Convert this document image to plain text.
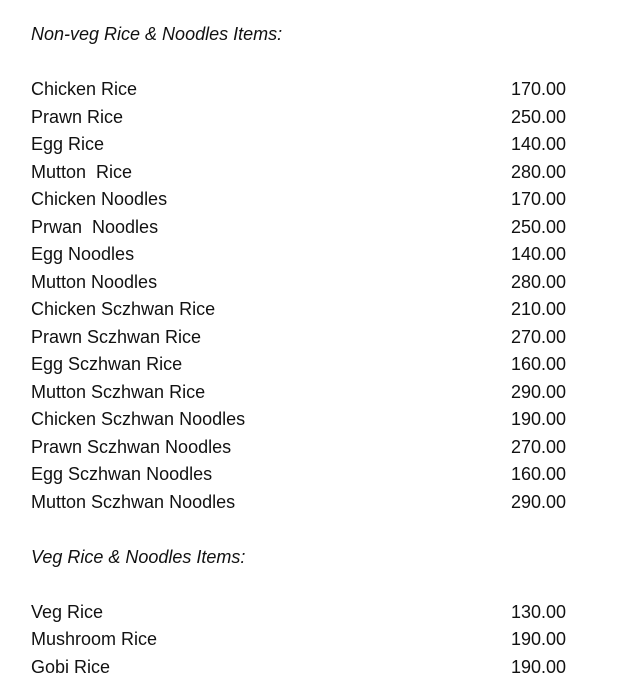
Non-veg Rice & Noodles Items:
Chicken Rice	170.00
Prawn Rice	250.00
Egg Rice	140.00
Mutton  Rice	280.00
Chicken Noodles	170.00
Prwan  Noodles	250.00
Egg Noodles	140.00
Mutton Noodles	280.00
Chicken Sczhwan Rice	210.00
Prawn Sczhwan Rice	270.00
Egg Sczhwan Rice	160.00
Mutton Sczhwan Rice	290.00
Chicken Sczhwan Noodles	190.00
Prawn Sczhwan Noodles	270.00
Egg Sczhwan Noodles	160.00
Mutton Sczhwan Noodles	290.00
Veg Rice & Noodles Items:
Veg Rice	130.00
Mushroom Rice	190.00
Gobi Rice	190.00
